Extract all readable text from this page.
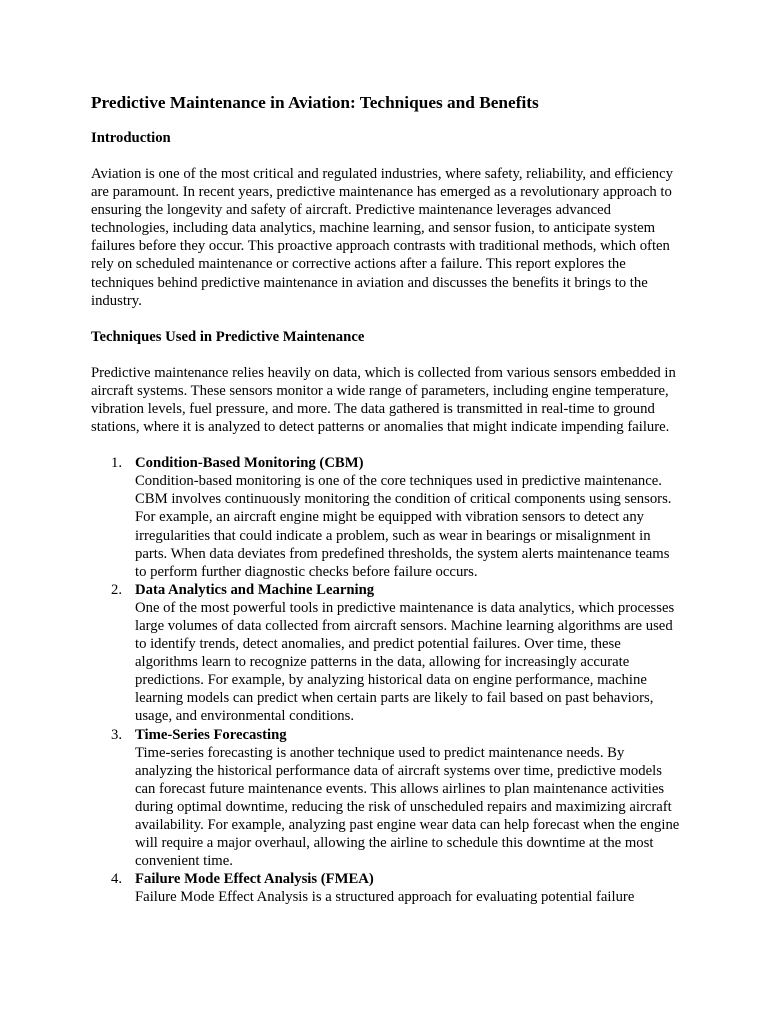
Predictive Maintenance in Aviation: Techniques and Benefits
Introduction
Aviation is one of the most critical and regulated industries, where safety, reliability, and efficiency are paramount. In recent years, predictive maintenance has emerged as a revolutionary approach to ensuring the longevity and safety of aircraft. Predictive maintenance leverages advanced technologies, including data analytics, machine learning, and sensor fusion, to anticipate system failures before they occur. This proactive approach contrasts with traditional methods, which often rely on scheduled maintenance or corrective actions after a failure. This report explores the techniques behind predictive maintenance in aviation and discusses the benefits it brings to the industry.
Techniques Used in Predictive Maintenance
Predictive maintenance relies heavily on data, which is collected from various sensors embedded in aircraft systems. These sensors monitor a wide range of parameters, including engine temperature, vibration levels, fuel pressure, and more. The data gathered is transmitted in real-time to ground stations, where it is analyzed to detect patterns or anomalies that might indicate impending failure.
1. Condition-Based Monitoring (CBM)
Condition-based monitoring is one of the core techniques used in predictive maintenance. CBM involves continuously monitoring the condition of critical components using sensors. For example, an aircraft engine might be equipped with vibration sensors to detect any irregularities that could indicate a problem, such as wear in bearings or misalignment in parts. When data deviates from predefined thresholds, the system alerts maintenance teams to perform further diagnostic checks before failure occurs.
2. Data Analytics and Machine Learning
One of the most powerful tools in predictive maintenance is data analytics, which processes large volumes of data collected from aircraft sensors. Machine learning algorithms are used to identify trends, detect anomalies, and predict potential failures. Over time, these algorithms learn to recognize patterns in the data, allowing for increasingly accurate predictions. For example, by analyzing historical data on engine performance, machine learning models can predict when certain parts are likely to fail based on past behaviors, usage, and environmental conditions.
3. Time-Series Forecasting
Time-series forecasting is another technique used to predict maintenance needs. By analyzing the historical performance data of aircraft systems over time, predictive models can forecast future maintenance events. This allows airlines to plan maintenance activities during optimal downtime, reducing the risk of unscheduled repairs and maximizing aircraft availability. For example, analyzing past engine wear data can help forecast when the engine will require a major overhaul, allowing the airline to schedule this downtime at the most convenient time.
4. Failure Mode Effect Analysis (FMEA)
Failure Mode Effect Analysis is a structured approach for evaluating potential failure
